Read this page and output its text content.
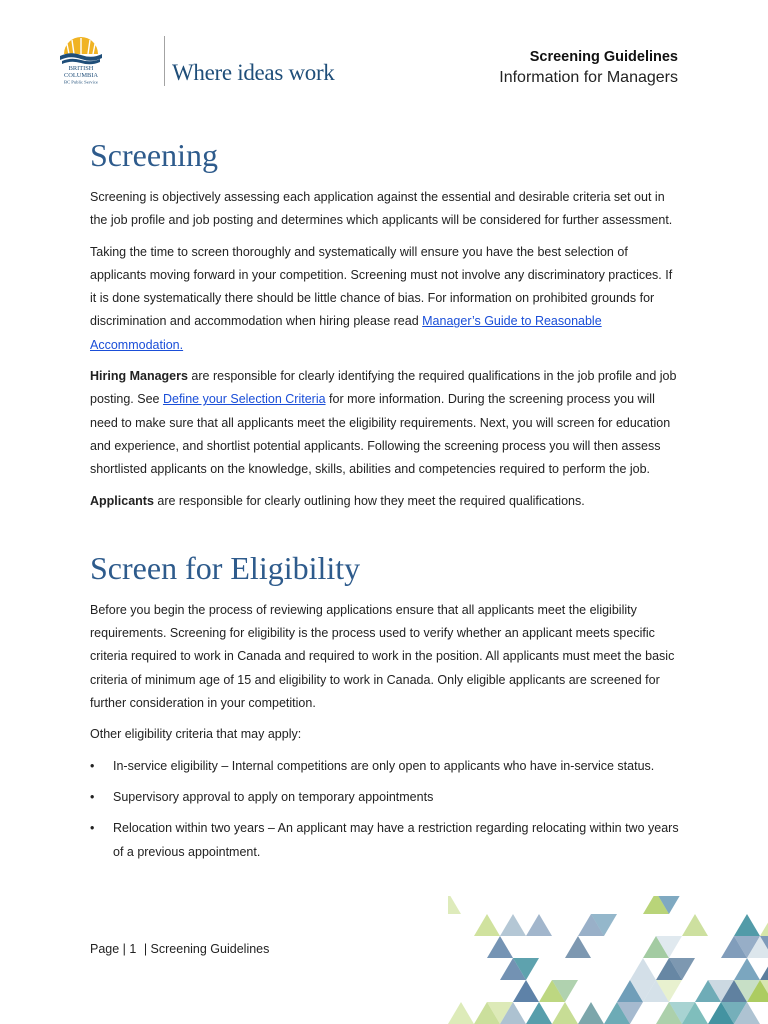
BRITISH
COLUMBIA
BC Public Service	Where ideas work
Screening Guidelines
Information for Managers
Screening

Screening is objectively assessing each application against the essential and desirable criteria set out in the job profile and job posting and determines which applicants will be considered for further assessment.

Taking the time to screen thoroughly and systematically will ensure you have the best selection of applicants moving forward in your competition. Screening must not involve any discriminatory practices. If it is done systematically there should be little chance of bias. For information on prohibited grounds for discrimination and accommodation when hiring please read Manager’s Guide to Reasonable Accommodation.

Hiring Managers are responsible for clearly identifying the required qualifications in the job profile and job posting. See Define your Selection Criteria for more information. During the screening process you will need to make sure that all applicants meet the eligibility requirements. Next, you will screen for education and experience, and shortlist potential applicants. Following the screening process you will then assess shortlisted applicants on the knowledge, skills, abilities and competencies required to perform the job.

Applicants are responsible for clearly outlining how they meet the required qualifications.

Screen for Eligibility

Before you begin the process of reviewing applications ensure that all applicants meet the eligibility requirements. Screening for eligibility is the process used to verify whether an applicant meets specific criteria required to work in Canada and required to work in the position. All applicants must meet the basic criteria of minimum age of 15 and eligibility to work in Canada. Only eligible applicants are screened for further consideration in your competition.

Other eligibility criteria that may apply:

• In-service eligibility – Internal competitions are only open to applicants who have in-service status.
• Supervisory approval to apply on temporary appointments
• Relocation within two years – An applicant may have a restriction regarding relocating within two years of a previous appointment.
Page | 1 | Screening Guidelines
